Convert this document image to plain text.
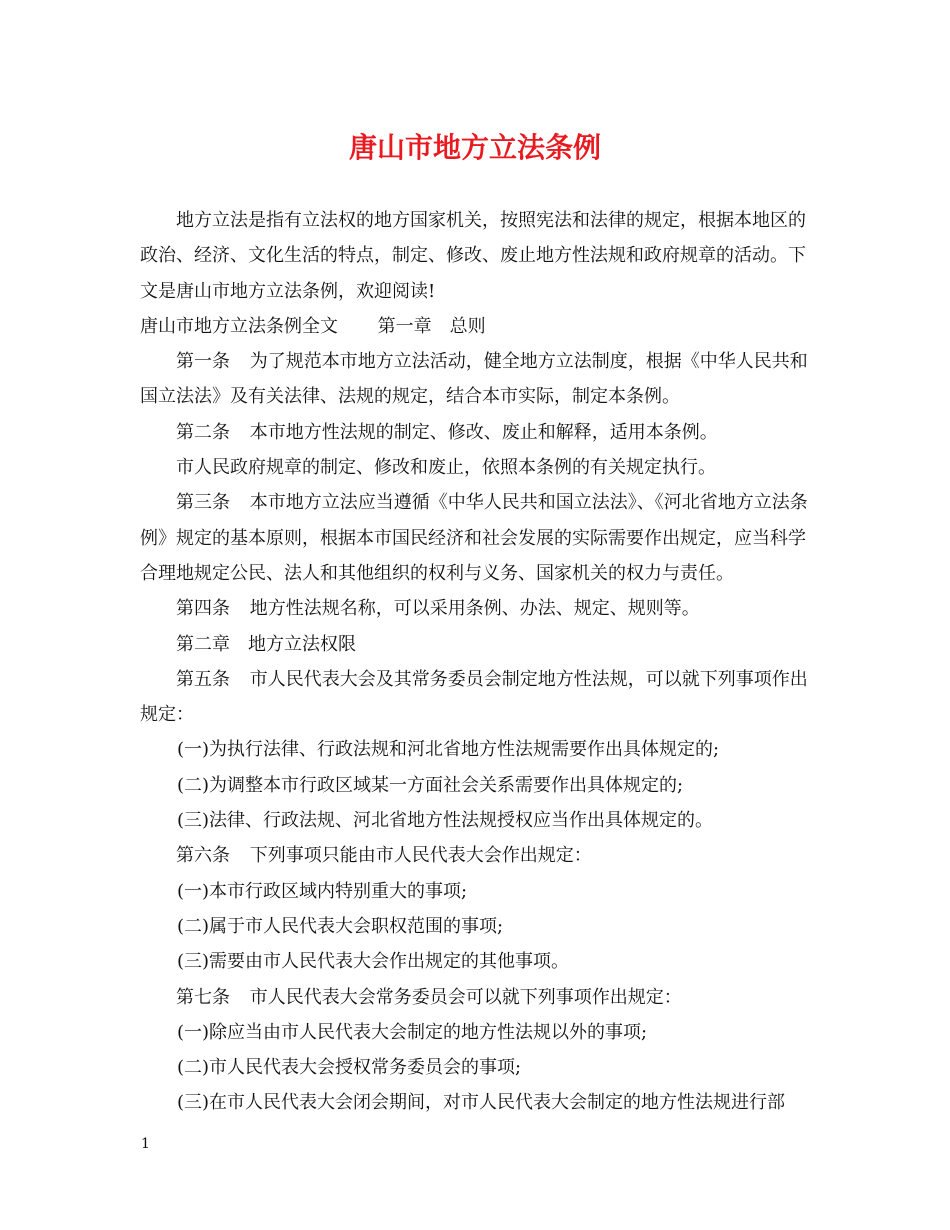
唐山市地方立法条例

地方立法是指有立法权的地方国家机关，按照宪法和法律的规定，根据本地区的政治、经济、文化生活的特点，制定、修改、废止地方性法规和政府规章的活动。下文是唐山市地方立法条例，欢迎阅读!

唐山市地方立法条例全文 第一章　总则

第一条 为了规范本市地方立法活动，健全地方立法制度，根据《中华人民共和国立法法》及有关法律、法规的规定，结合本市实际，制定本条例。

第二条 本市地方性法规的制定、修改、废止和解释，适用本条例。

市人民政府规章的制定、修改和废止，依照本条例的有关规定执行。

第三条 本市地方立法应当遵循《中华人民共和国立法法》、《河北省地方立法条例》规定的基本原则，根据本市国民经济和社会发展的实际需要作出规定，应当科学合理地规定公民、法人和其他组织的权利与义务、国家机关的权力与责任。

第四条 地方性法规名称，可以采用条例、办法、规定、规则等。

第二章　地方立法权限

第五条 市人民代表大会及其常务委员会制定地方性法规，可以就下列事项作出规定：

(一)为执行法律、行政法规和河北省地方性法规需要作出具体规定的;

(二)为调整本市行政区域某一方面社会关系需要作出具体规定的;

(三)法律、行政法规、河北省地方性法规授权应当作出具体规定的。

第六条 下列事项只能由市人民代表大会作出规定：

(一)本市行政区域内特别重大的事项;

(二)属于市人民代表大会职权范围的事项;

(三)需要由市人民代表大会作出规定的其他事项。

第七条 市人民代表大会常务委员会可以就下列事项作出规定：

(一)除应当由市人民代表大会制定的地方性法规以外的事项;

(二)市人民代表大会授权常务委员会的事项;

(三)在市人民代表大会闭会期间，对市人民代表大会制定的地方性法规进行部

1
